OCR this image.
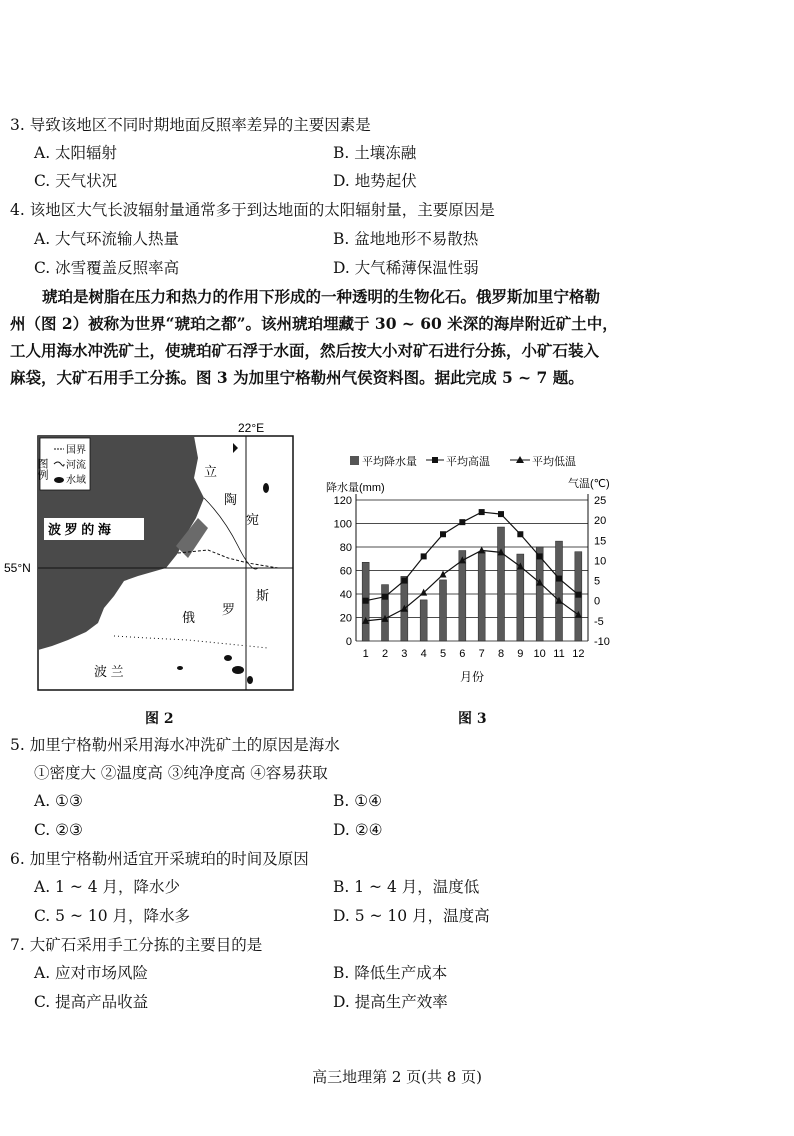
3. 导致该地区不同时期地面反照率差异的主要因素是
A. 太阳辐射	B. 土壤冻融
C. 天气状况	D. 地势起伏
4. 该地区大气长波辐射量通常多于到达地面的太阳辐射量，主要原因是
A. 大气环流输人热量	B. 盆地地形不易散热
C. 冰雪覆盖反照率高	D. 大气稀薄保温性弱
琥珀是树脂在压力和热力的作用下形成的一种透明的生物化石。俄罗斯加里宁格勒
州（图 2）被称为世界“琥珀之都”。该州琥珀埋藏于 30 ~ 60 米深的海岸附近矿土中，
工人用海水冲洗矿土，使琥珀矿石浮于水面，然后按大小对矿石进行分拣，小矿石装入
麻袋，大矿石用手工分拣。图 3 为加里宁格勒州气侯资料图。据此完成 5 ~ 7 题。
22°E
55°N
图例
国界
河流
水域
波 罗 的 海
立
陶
宛
加里宁格勒
俄
罗
斯
波 兰
图 2
平均降水量	平均高温	平均低温
降水量(mm)	气温(℃)
月份
0
20
40
60
80
100
120
-10
-5
0
5
10
15
20
25
1 2 3 4 5 6 7 8 9 10 11 12
图 3
5. 加里宁格勒州采用海水冲洗矿土的原因是海水
①密度大 ②温度高 ③纯净度高 ④容易获取
A. ①③	B. ①④
C. ②③	D. ②④
6. 加里宁格勒州适宜开采琥珀的时间及原因
A. 1 ~ 4 月，降水少	B. 1 ~ 4 月，温度低
C. 5 ~ 10 月，降水多	D. 5 ~ 10 月，温度高
7. 大矿石采用手工分拣的主要目的是
A. 应对市场风险	B. 降低生产成本
C. 提高产品收益	D. 提高生产效率
高三地理第 2 页(共 8 页)
